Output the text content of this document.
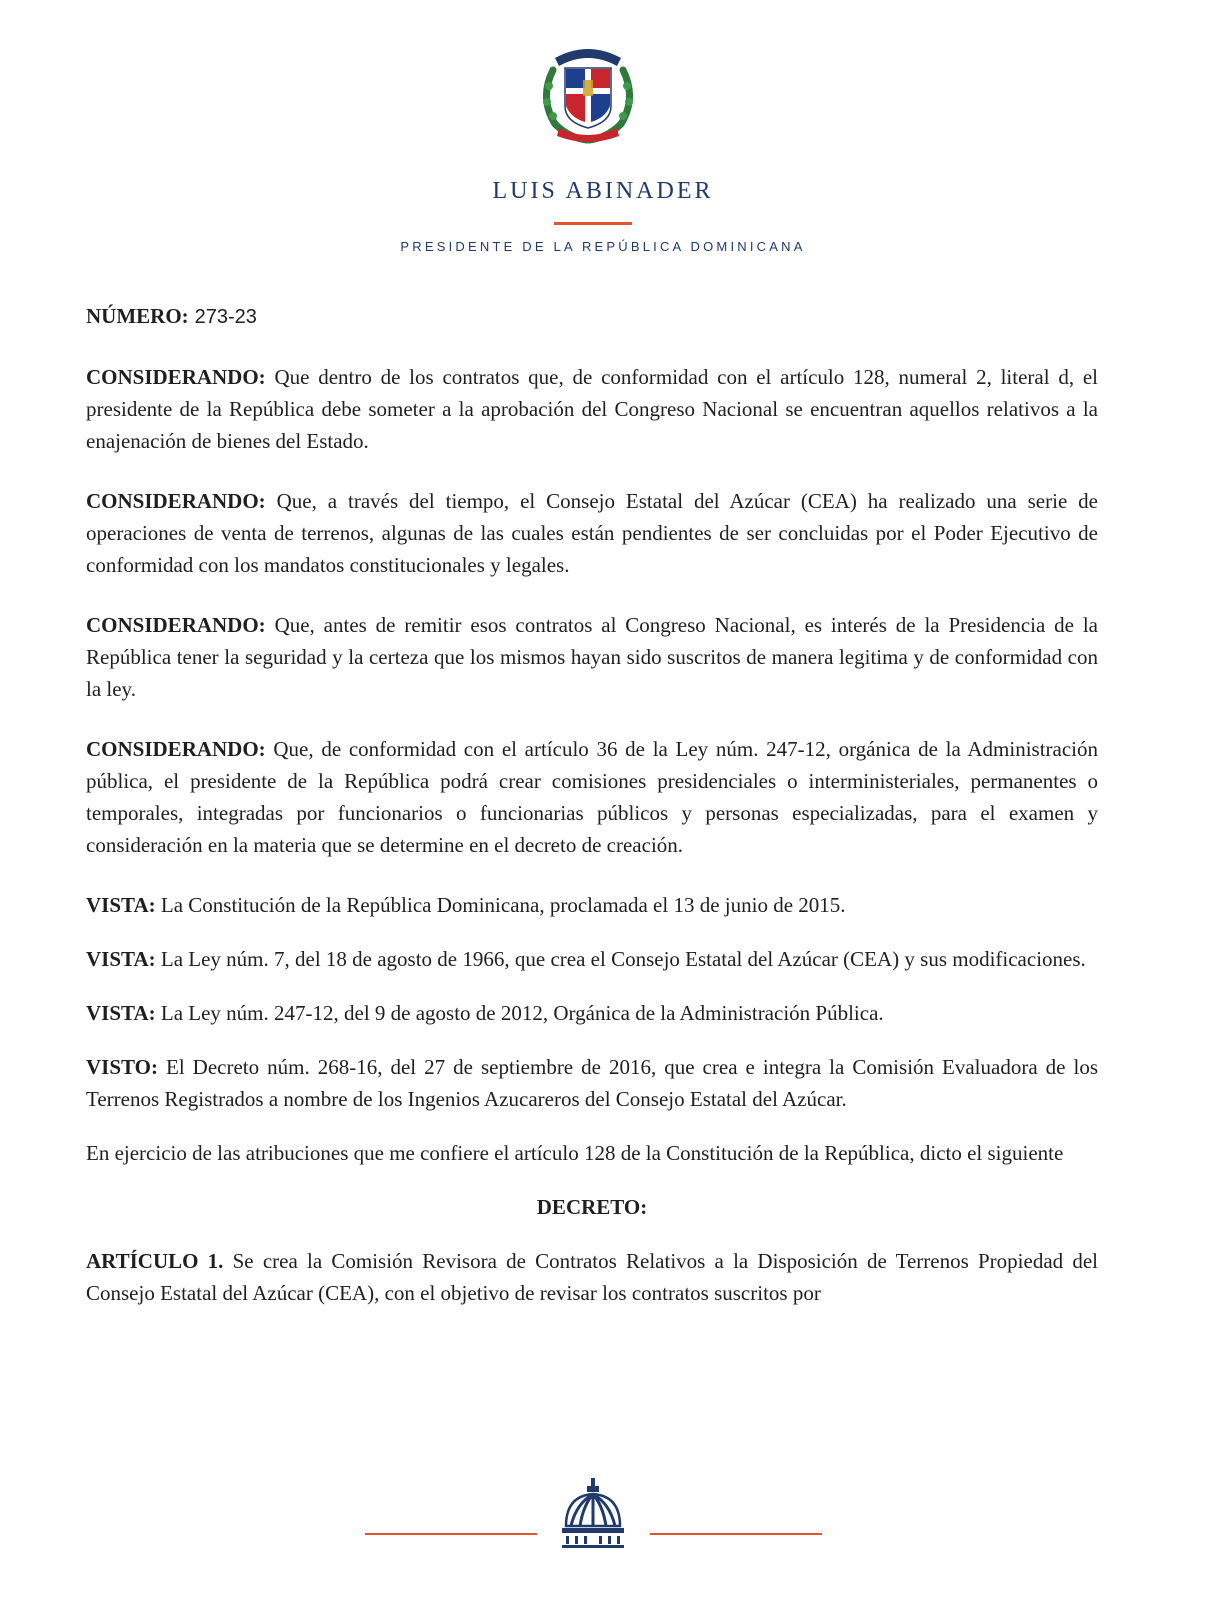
LUIS ABINADER
PRESIDENTE DE LA REPÚBLICA DOMINICANA

NÚMERO: 273-23

CONSIDERANDO: Que dentro de los contratos que, de conformidad con el artículo 128, numeral 2, literal d, el presidente de la República debe someter a la aprobación del Congreso Nacional se encuentran aquellos relativos a la enajenación de bienes del Estado.

CONSIDERANDO: Que, a través del tiempo, el Consejo Estatal del Azúcar (CEA) ha realizado una serie de operaciones de venta de terrenos, algunas de las cuales están pendientes de ser concluidas por el Poder Ejecutivo de conformidad con los mandatos constitucionales y legales.

CONSIDERANDO: Que, antes de remitir esos contratos al Congreso Nacional, es interés de la Presidencia de la República tener la seguridad y la certeza que los mismos hayan sido suscritos de manera legitima y de conformidad con la ley.

CONSIDERANDO: Que, de conformidad con el artículo 36 de la Ley núm. 247-12, orgánica de la Administración pública, el presidente de la República podrá crear comisiones presidenciales o interministeriales, permanentes o temporales, integradas por funcionarios o funcionarias públicos y personas especializadas, para el examen y consideración en la materia que se determine en el decreto de creación.

VISTA: La Constitución de la República Dominicana, proclamada el 13 de junio de 2015.

VISTA: La Ley núm. 7, del 18 de agosto de 1966, que crea el Consejo Estatal del Azúcar (CEA) y sus modificaciones.

VISTA: La Ley núm. 247-12, del 9 de agosto de 2012, Orgánica de la Administración Pública.

VISTO: El Decreto núm. 268-16, del 27 de septiembre de 2016, que crea e integra la Comisión Evaluadora de los Terrenos Registrados a nombre de los Ingenios Azucareros del Consejo Estatal del Azúcar.

En ejercicio de las atribuciones que me confiere el artículo 128 de la Constitución de la República, dicto el siguiente

DECRETO:

ARTÍCULO 1. Se crea la Comisión Revisora de Contratos Relativos a la Disposición de Terrenos Propiedad del Consejo Estatal del Azúcar (CEA), con el objetivo de revisar los contratos suscritos por
